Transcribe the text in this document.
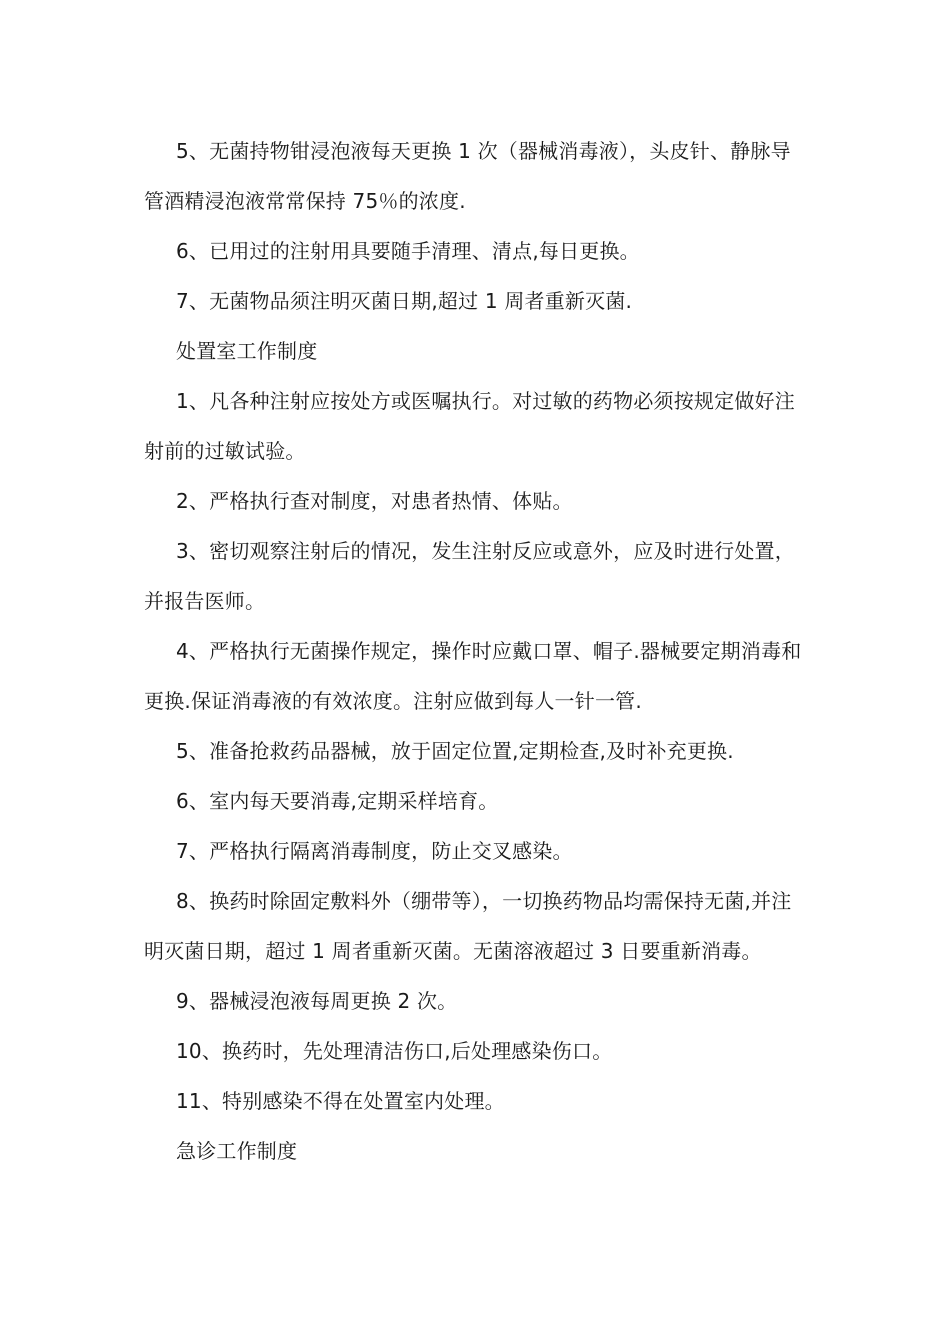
5、无菌持物钳浸泡液每天更换 1 次（器械消毒液），头皮针、静脉导管酒精浸泡液常常保持 75％的浓度.

6、已用过的注射用具要随手清理、清点,每日更换。

7、无菌物品须注明灭菌日期,超过 1 周者重新灭菌.

处置室工作制度

1、凡各种注射应按处方或医嘱执行。对过敏的药物必须按规定做好注射前的过敏试验。

2、严格执行查对制度，对患者热情、体贴。

3、密切观察注射后的情况，发生注射反应或意外，应及时进行处置，并报告医师。

4、严格执行无菌操作规定，操作时应戴口罩、帽子.器械要定期消毒和更换.保证消毒液的有效浓度。注射应做到每人一针一管.

5、准备抢救药品器械，放于固定位置,定期检查,及时补充更换.

6、室内每天要消毒,定期采样培育。

7、严格执行隔离消毒制度，防止交叉感染。

8、换药时除固定敷料外（绷带等），一切换药物品均需保持无菌,并注明灭菌日期，超过 1 周者重新灭菌。无菌溶液超过 3 日要重新消毒。

9、器械浸泡液每周更换 2 次。

10、换药时，先处理清洁伤口,后处理感染伤口。

11、特别感染不得在处置室内处理。

急诊工作制度
